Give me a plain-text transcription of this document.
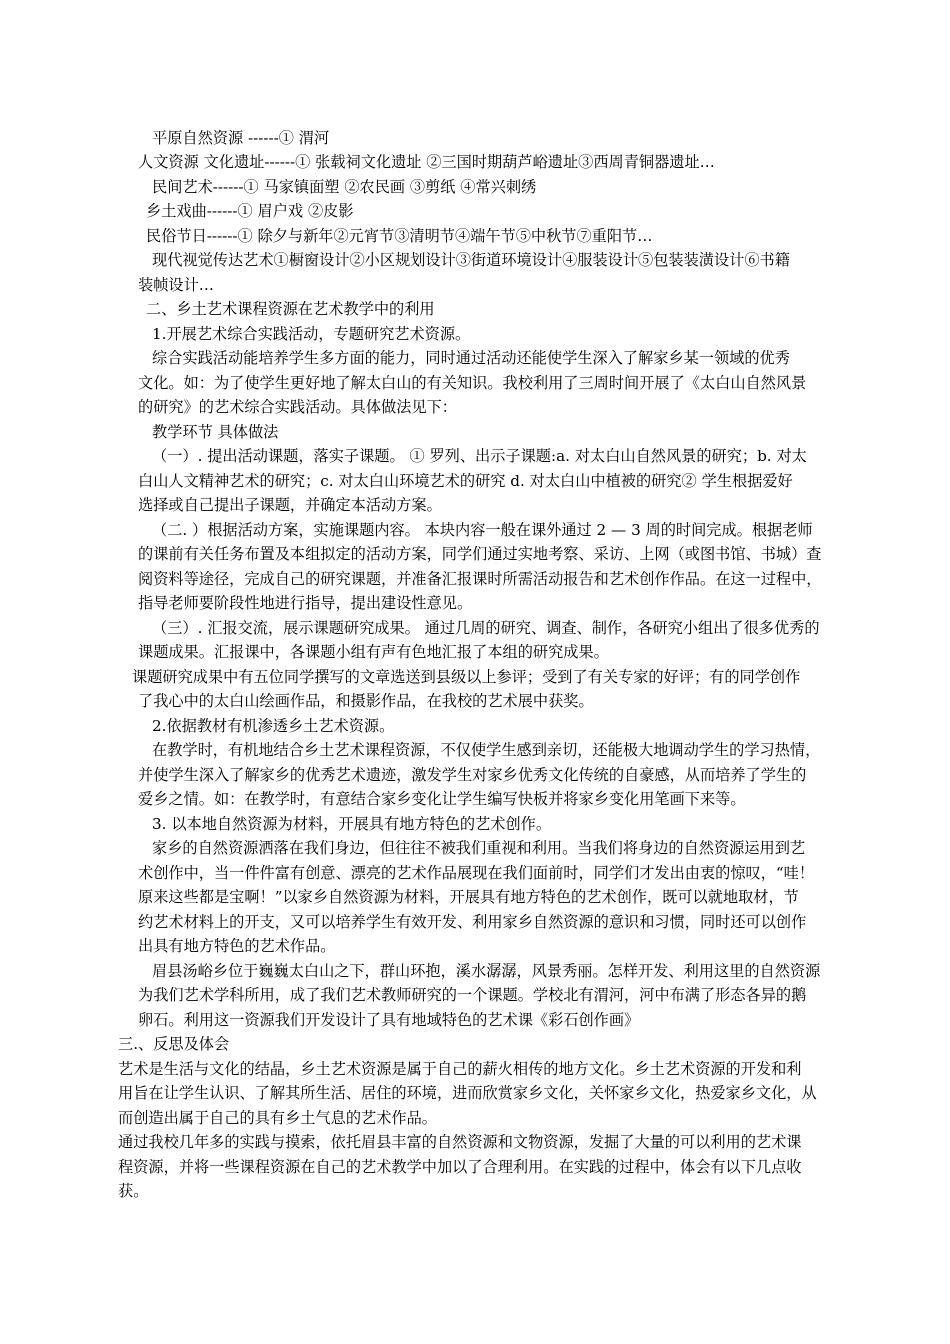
平原自然资源 ------① 渭河
人文资源 文化遗址------① 张载祠文化遗址 ②三国时期葫芦峪遗址③西周青铜器遗址…
民间艺术------① 马家镇面塑 ②农民画 ③剪纸 ④常兴刺绣
乡土戏曲------① 眉户戏 ②皮影
民俗节日------① 除夕与新年②元宵节③清明节④端午节⑤中秋节⑦重阳节…
现代视觉传达艺术①橱窗设计②小区规划设计③街道环境设计④服装设计⑤包装装潢设计⑥书籍
装帧设计…
二、乡土艺术课程资源在艺术教学中的利用
1.开展艺术综合实践活动，专题研究艺术资源。
综合实践活动能培养学生多方面的能力，同时通过活动还能使学生深入了解家乡某一领域的优秀
文化。如：为了使学生更好地了解太白山的有关知识。我校利用了三周时间开展了《太白山自然风景
的研究》的艺术综合实践活动。具体做法见下：
教学环节 具体做法
（一）. 提出活动课题，落实子课题。 ① 罗列、出示子课题:a. 对太白山自然风景的研究；b. 对太
白山人文精神艺术的研究；c. 对太白山环境艺术的研究 d. 对太白山中植被的研究② 学生根据爱好
选择或自己提出子课题，并确定本活动方案。
（二. ）根据活动方案，实施课题内容。 本块内容一般在课外通过 2 — 3 周的时间完成。根据老师
的课前有关任务布置及本组拟定的活动方案，同学们通过实地考察、采访、上网（或图书馆、书城）查
阅资料等途径，完成自己的研究课题，并准备汇报课时所需活动报告和艺术创作作品。在这一过程中，
指导老师要阶段性地进行指导，提出建设性意见。
（三）. 汇报交流，展示课题研究成果。 通过几周的研究、调查、制作，各研究小组出了很多优秀的
课题成果。汇报课中，各课题小组有声有色地汇报了本组的研究成果。
课题研究成果中有五位同学撰写的文章选送到县级以上参评；受到了有关专家的好评；有的同学创作
了我心中的太白山绘画作品，和摄影作品，在我校的艺术展中获奖。
2.依据教材有机渗透乡土艺术资源。
在教学时，有机地结合乡土艺术课程资源，不仅使学生感到亲切，还能极大地调动学生的学习热情，
并使学生深入了解家乡的优秀艺术遗迹，激发学生对家乡优秀文化传统的自豪感，从而培养了学生的
爱乡之情。如：在教学时，有意结合家乡变化让学生编写快板并将家乡变化用笔画下来等。
3. 以本地自然资源为材料，开展具有地方特色的艺术创作。
家乡的自然资源洒落在我们身边，但往往不被我们重视和利用。当我们将身边的自然资源运用到艺
术创作中，当一件件富有创意、漂亮的艺术作品展现在我们面前时，同学们才发出由衷的惊叹，“哇！
原来这些都是宝啊！”以家乡自然资源为材料，开展具有地方特色的艺术创作，既可以就地取材，节
约艺术材料上的开支，又可以培养学生有效开发、利用家乡自然资源的意识和习惯，同时还可以创作
出具有地方特色的艺术作品。
眉县汤峪乡位于巍巍太白山之下，群山环抱，溪水潺潺，风景秀丽。怎样开发、利用这里的自然资源
为我们艺术学科所用，成了我们艺术教师研究的一个课题。学校北有渭河，河中布满了形态各异的鹅
卵石。利用这一资源我们开发设计了具有地域特色的艺术课《彩石创作画》
三.、反思及体会
艺术是生活与文化的结晶，乡土艺术资源是属于自己的薪火相传的地方文化。乡土艺术资源的开发和利
用旨在让学生认识、了解其所生活、居住的环境，进而欣赏家乡文化，关怀家乡文化，热爱家乡文化，从
而创造出属于自己的具有乡土气息的艺术作品。
通过我校几年多的实践与摸索，依托眉县丰富的自然资源和文物资源，发掘了大量的可以利用的艺术课
程资源，并将一些课程资源在自己的艺术教学中加以了合理利用。在实践的过程中，体会有以下几点收
获。
